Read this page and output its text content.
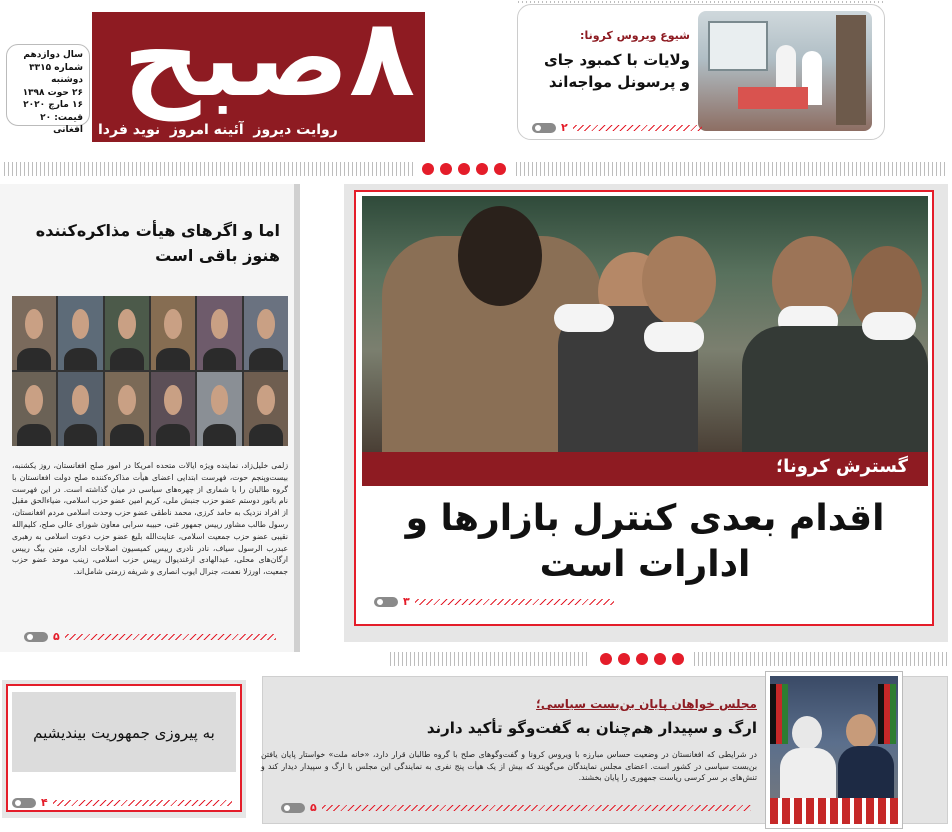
سال دوازدهم
شماره ۳۳۱۵
دوشنبه
۲۶ حوت ۱۳۹۸
۱۶ مارچ ۲۰۲۰
قیمت: ۲۰ افغانی
۸صبح
روایت دیروز  آئینه امروز  نوید فردا
شیوع ویروس کرونا:
ولایات با کمبود جای
و پرسونل مواجه‌اند
۲
اما و اگرهای هیأت مذاکره‌کننده
هنوز باقی است
زلمی خلیل‌زاد، نماینده ویژه ایالات متحده امریکا در امور صلح افغانستان، روز یکشنبه، بیست‌وپنجم حوت، فهرست ابتدایی اعضای هیأت مذاکره‌کننده صلح دولت افغانستان با گروه طالبان را با شماری از چهره‌های سیاسی در میان گذاشته است. در این فهرست نام باتور دوستم عضو حزب جنبش ملی، کریم امین عضو حزب اسلامی، ضیاءالحق مقبل از افراد نزدیک به حامد کرزی، محمد ناطقی عضو حزب وحدت اسلامی مردم افغانستان، رسول طالب مشاور رییس جمهور غنی، حبیبه سرابی معاون شورای عالی صلح، کلیم‌الله نقیبی عضو حزب جمعیت اسلامی، عنایت‌الله بلیغ عضو حزب دعوت اسلامی به رهبری عبدرب الرسول سیاف، نادر نادری رییس کمیسیون اصلاحات اداری، متین بیگ رییس ارگان‌های محلی، عبدالهادی ارغندیوال رییس حزب اسلامی، زینب موحد عضو حزب جمعیت، اورزلا نعمت، جنرال ایوب انصاری و شریفه زرمتی شامل‌اند.
۵
گسترش کرونا؛
اقدام بعدی کنترل بازارها و
ادارات است
۳
به پیروزی جمهوریت بیندیشیم
۴
مجلس خواهان پایان بن‌بست سیاسی؛
ارگ و سپیدار هم‌چنان به گفت‌وگو تأکید دارند
در شرایطی که افغانستان در وضعیت حساس مبارزه با ویروس کرونا و گفت‌وگوهای صلح با گروه طالبان قرار دارد، «خانه ملت» خواستار پایان یافتن بن‌بست سیاسی در کشور است. اعضای مجلس نمایندگان می‌گویند که بیش از یک هیأت پنج نفری به نمایندگی این مجلس با ارگ و سپیدار دیدار کند و تنش‌های بر سر کرسی ریاست جمهوری را پایان بخشند.
۵
